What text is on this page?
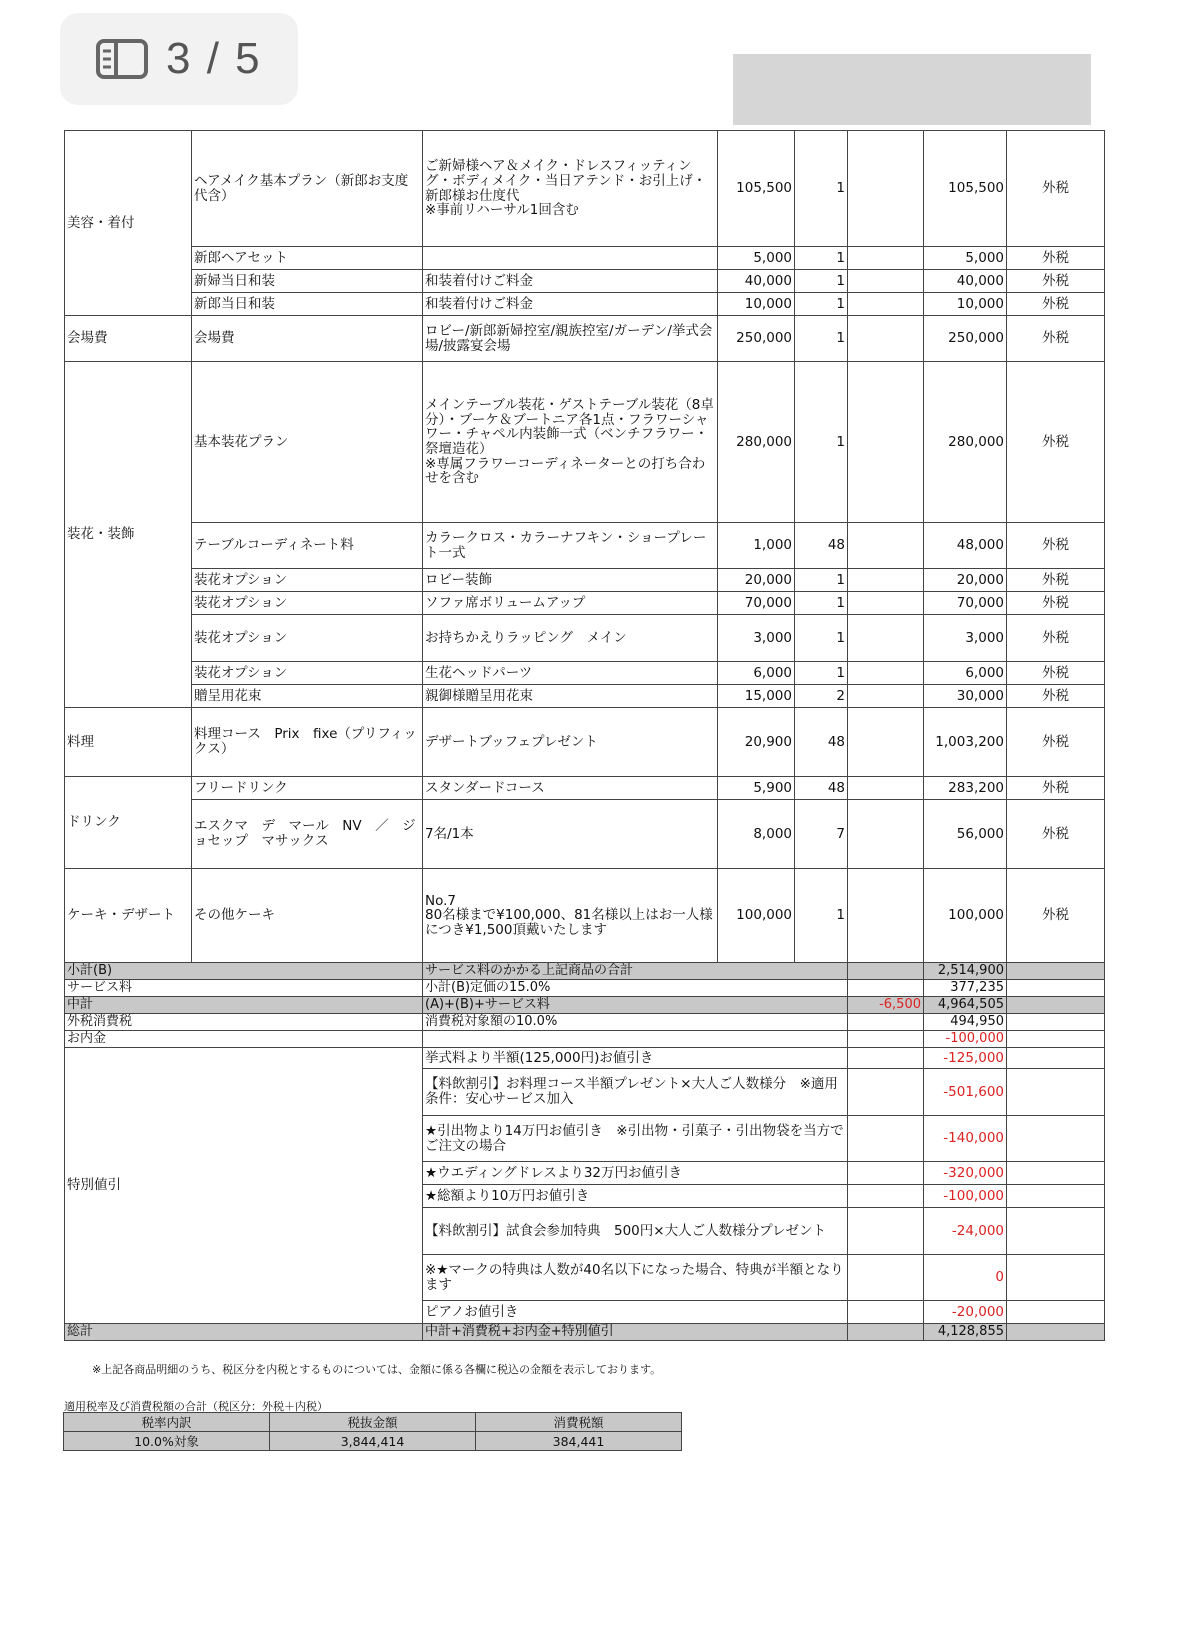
3 / 5
美容・着付	ヘアメイク基本プラン（新郎お支度代含）	ご新婦様ヘア＆メイク・ドレスフィッティング・ボディメイク・当日アテンド・お引上げ・新郎様お仕度代
※事前リハーサル1回含む	105,500	1		105,500	外税
	新郎ヘアセット		5,000	1		5,000	外税
	新婦当日和装	和装着付けご料金	40,000	1		40,000	外税
	新郎当日和装	和装着付けご料金	10,000	1		10,000	外税
会場費	会場費	ロビー/新郎新婦控室/親族控室/ガーデン/挙式会場/披露宴会場	250,000	1		250,000	外税
装花・装飾	基本装花プラン	メインテーブル装花・ゲストテーブル装花（8卓分）・ブーケ＆ブートニア各1点・フラワーシャワー・チャペル内装飾一式（ベンチフラワー・祭壇造花）
※専属フラワーコーディネーターとの打ち合わせを含む	280,000	1		280,000	外税
	テーブルコーディネート料	カラークロス・カラーナフキン・ショープレート一式	1,000	48		48,000	外税
	装花オプション	ロビー装飾	20,000	1		20,000	外税
	装花オプション	ソファ席ボリュームアップ	70,000	1		70,000	外税
	装花オプション	お持ちかえりラッピング　メイン	3,000	1		3,000	外税
	装花オプション	生花ヘッドパーツ	6,000	1		6,000	外税
	贈呈用花束	親御様贈呈用花束	15,000	2		30,000	外税
料理	料理コース　Prix　fixe（プリフィックス）	デザートブッフェプレゼント	20,900	48		1,003,200	外税
ドリンク	フリードリンク	スタンダードコース	5,900	48		283,200	外税
	エスクマ　デ　マール　NV　／　ジョセップ　マサックス	7名/1本	8,000	7		56,000	外税
ケーキ・デザート	その他ケーキ	No.7
80名様まで¥100,000、81名様以上はお一人様につき¥1,500頂戴いたします	100,000	1		100,000	外税
小計(B)		サービス料のかかる上記商品の合計				2,514,900	
サービス料		小計(B)定価の15.0%				377,235	
中計		(A)+(B)+サービス料			-6,500	4,964,505	
外税消費税		消費税対象額の10.0%				494,950	
お内金						-100,000	
特別値引		挙式料より半額(125,000円)お値引き				-125,000	
		【料飲割引】お料理コース半額プレゼント×大人ご人数様分　※適用条件：安心サービス加入				-501,600	
		★引出物より14万円お値引き　※引出物・引菓子・引出物袋を当方でご注文の場合				-140,000	
		★ウエディングドレスより32万円お値引き				-320,000	
		★総額より10万円お値引き				-100,000	
		【料飲割引】試食会参加特典　500円×大人ご人数様分プレゼント				-24,000	
		※★マークの特典は人数が40名以下になった場合、特典が半額となります				0	
		ピアノお値引き				-20,000	
総計		中計+消費税+お内金+特別値引				4,128,855	
※上記各商品明細のうち、税区分を内税とするものについては、金額に係る各欄に税込の金額を表示しております。
適用税率及び消費税額の合計（税区分：外税＋内税）
税率内訳	税抜金額	消費税額
10.0%対象	3,844,414	384,441
